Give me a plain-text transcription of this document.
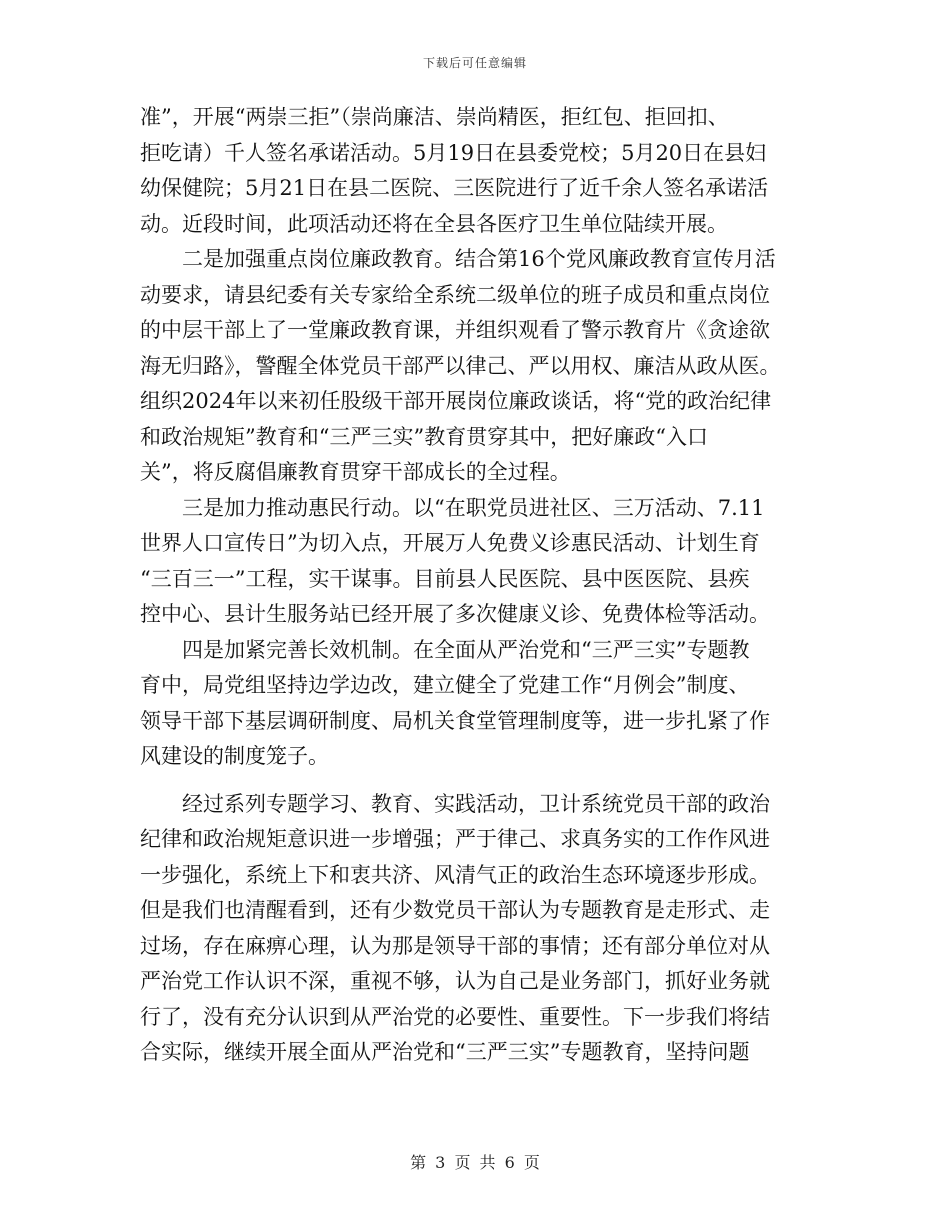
下载后可任意编辑
准”，开展“两崇三拒”（崇尚廉洁、崇尚精医，拒红包、拒回扣、
拒吃请）千人签名承诺活动。5月19日在县委党校；5月20日在县妇
幼保健院；5月21日在县二医院、三医院进行了近千余人签名承诺活
动。近段时间，此项活动还将在全县各医疗卫生单位陆续开展。
　　二是加强重点岗位廉政教育。结合第16个党风廉政教育宣传月活
动要求，请县纪委有关专家给全系统二级单位的班子成员和重点岗位
的中层干部上了一堂廉政教育课，并组织观看了警示教育片《贪途欲
海无归路》，警醒全体党员干部严以律己、严以用权、廉洁从政从医。
组织2024年以来初任股级干部开展岗位廉政谈话，将“党的政治纪律
和政治规矩”教育和“三严三实”教育贯穿其中，把好廉政“入口
关”，将反腐倡廉教育贯穿干部成长的全过程。
　　三是加力推动惠民行动。以“在职党员进社区、三万活动、7.11
世界人口宣传日”为切入点，开展万人免费义诊惠民活动、计划生育
“三百三一”工程，实干谋事。目前县人民医院、县中医医院、县疾
控中心、县计生服务站已经开展了多次健康义诊、免费体检等活动。
　　四是加紧完善长效机制。在全面从严治党和“三严三实”专题教
育中，局党组坚持边学边改，建立健全了党建工作“月例会”制度、
领导干部下基层调研制度、局机关食堂管理制度等，进一步扎紧了作
风建设的制度笼子。
　　经过系列专题学习、教育、实践活动，卫计系统党员干部的政治
纪律和政治规矩意识进一步增强；严于律己、求真务实的工作作风进
一步强化，系统上下和衷共济、风清气正的政治生态环境逐步形成。
但是我们也清醒看到，还有少数党员干部认为专题教育是走形式、走
过场，存在麻痹心理，认为那是领导干部的事情；还有部分单位对从
严治党工作认识不深，重视不够，认为自己是业务部门，抓好业务就
行了，没有充分认识到从严治党的必要性、重要性。下一步我们将结
合实际，继续开展全面从严治党和“三严三实”专题教育，坚持问题
第 3 页 共 6 页
